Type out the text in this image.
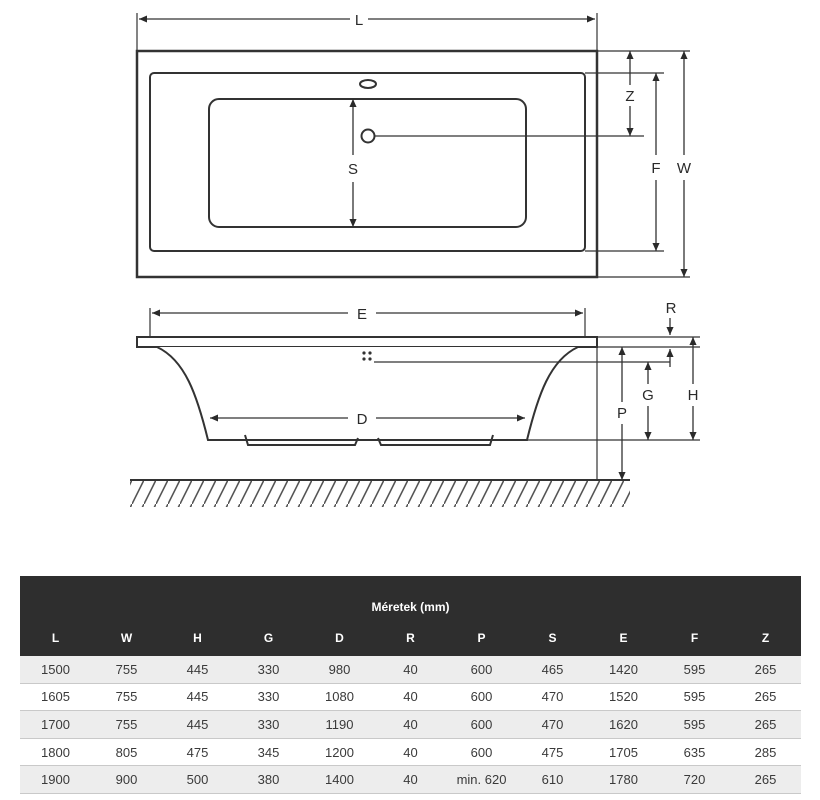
L
S
Z
F W
E
D
R
G H
P
Méretek (mm)										
L	W	H	G	D	R	P	S	E	F	Z
1500	755	445	330	980	40	600	465	1420	595	265
1605	755	445	330	1080	40	600	470	1520	595	265
1700	755	445	330	1190	40	600	470	1620	595	265
1800	805	475	345	1200	40	600	475	1705	635	285
1900	900	500	380	1400	40	min. 620	610	1780	720	265
